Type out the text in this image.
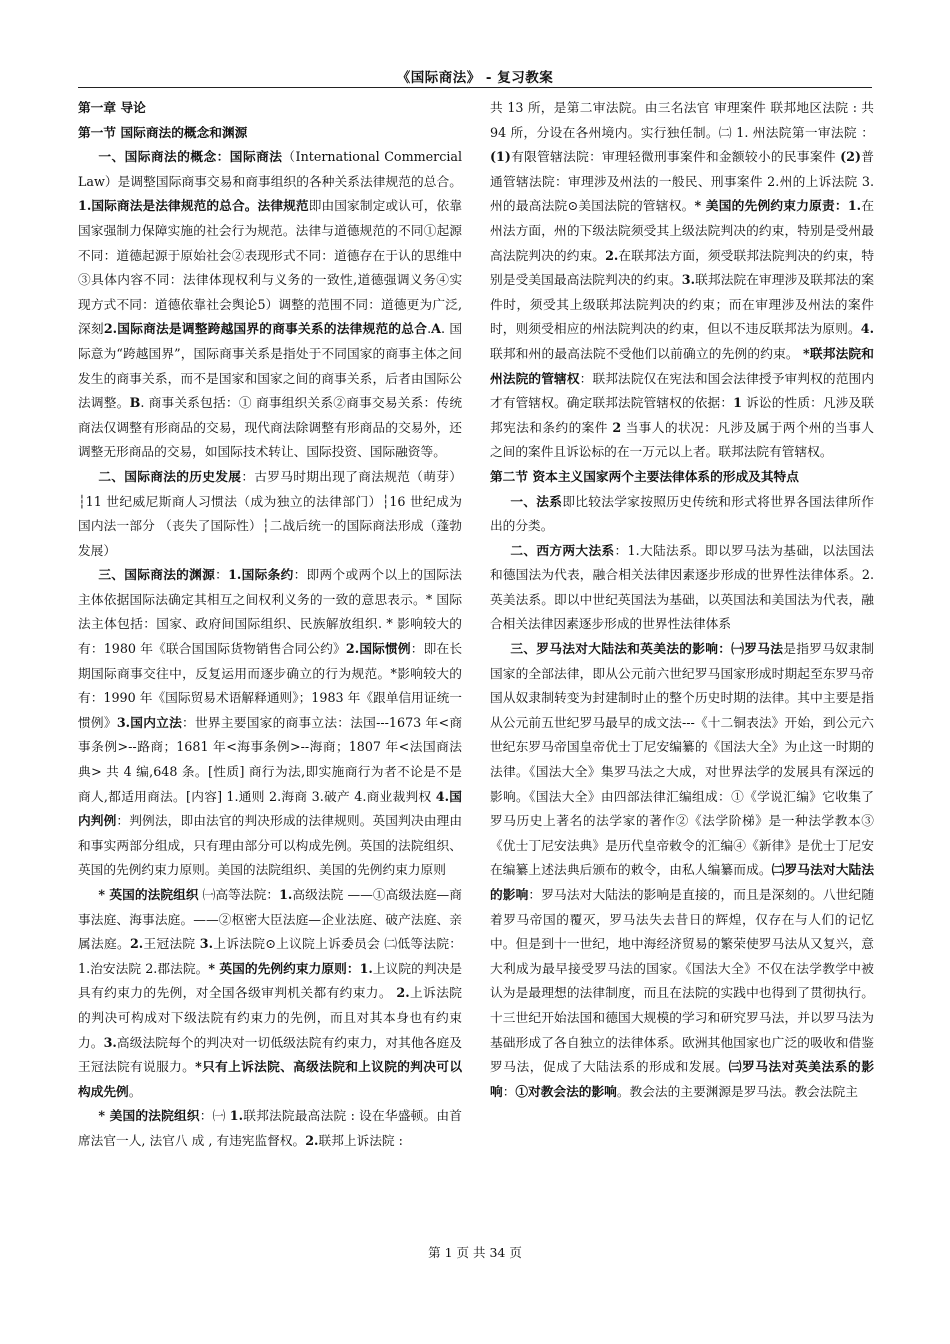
《国际商法》 - 复习教案

第一章 导论

第一节 国际商法的概念和渊源

一、国际商法的概念：国际商法（International Commercial Law）是调整国际商事交易和商事组织的各种关系法律规范的总合。1.国际商法是法律规范的总合。法律规范即由国家制定或认可，依靠国家强制力保障实施的社会行为规范。法律与道德规范的不同①起源不同：道德起源于原始社会②表现形式不同：道德存在于认的思维中③具体内容不同：法律体现权利与义务的一致性,道德强调义务④实现方式不同：道德依靠社会舆论5）调整的范围不同：道德更为广泛,深刻2.国际商法是调整跨越国界的商事关系的法律规范的总合.A. 国际意为“跨越国界”，国际商事关系是指处于不同国家的商事主体之间发生的商事关系，而不是国家和国家之间的商事关系，后者由国际公法调整。B. 商事关系包括：① 商事组织关系②商事交易关系：传统商法仅调整有形商品的交易，现代商法除调整有形商品的交易外，还调整无形商品的交易，如国际技术转让、国际投资、国际融资等。

二、国际商法的历史发展：古罗马时期出现了商法规范（萌芽）┆11 世纪威尼斯商人习惯法（成为独立的法律部门）┆16 世纪成为国内法一部分 （丧失了国际性）┆二战后统一的国际商法形成（蓬勃发展）

三、国际商法的渊源：1.国际条约：即两个或两个以上的国际法主体依据国际法确定其相互之间权利义务的一致的意思表示。* 国际法主体包括：国家、政府间国际组织、民族解放组织. * 影响较大的有：1980 年《联合国国际货物销售合同公约》2.国际惯例：即在长期国际商事交往中，反复运用而逐步确立的行为规范。*影响较大的有：1990 年《国际贸易术语解释通则》；1983 年《跟单信用证统一惯例》3.国内立法：世界主要国家的商事立法：法国---1673 年<商事条例>--路商；1681 年<海事条例>--海商；1807 年<法国商法典> 共 4 编,648 条。[性质] 商行为法,即实施商行为者不论是不是商人,都适用商法。[内容] 1.通则 2.海商 3.破产 4.商业裁判权 4.国内判例：判例法，即由法官的判决形成的法律规则。英国判决由理由和事实两部分组成，只有理由部分可以构成先例。英国的法院组织、英国的先例约束力原则。美国的法院组织、美国的先例约束力原则

* 英国的法院组织 ㈠高等法院：1.高级法院 ——①高级法庭—商事法庭、海事法庭。——②枢密大臣法庭—企业法庭、破产法庭、亲属法庭。2.王冠法院 3.上诉法院⊙上议院上诉委员会 ㈡低等法院：1.治安法院 2.郡法院。* 英国的先例约束力原则：1.上议院的判决是具有约束力的先例，对全国各级审判机关都有约束力。 2.上诉法院的判决可构成对下级法院有约束力的先例，而且对其本身也有约束力。3.高级法院每个的判决对一切低级法院有约束力，对其他各庭及王冠法院有说服力。*只有上诉法院、高级法院和上议院的判决可以构成先例。

* 美国的法院组织：㈠ 1.联邦法院最高法院 : 设在华盛顿。由首席法官一人, 法官八 成 , 有违宪监督权。2.联邦上诉法院 :

共 13 所，是第二审法院。由三名法官 审理案件 联邦地区法院 : 共 94 所，分设在各州境内。实行独任制。㈡ 1. 州法院第一审法院 ：(1)有限管辖法院：审理轻微刑事案件和金额较小的民事案件 (2)普通管辖法院：审理涉及州法的一般民、刑事案件 2.州的上诉法院 3.州的最高法院⊙美国法院的管辖权。* 美国的先例约束力原责：1.在州法方面，州的下级法院须受其上级法院判决的约束，特别是受州最高法院判决的约束。2.在联邦法方面，须受联邦法院判决的约束，特别是受美国最高法院判决的约束。3.联邦法院在审理涉及联邦法的案件时，须受其上级联邦法院判决的约束；而在审理涉及州法的案件时，则须受相应的州法院判决的约束，但以不违反联邦法为原则。4.联邦和州的最高法院不受他们以前确立的先例的约束。 *联邦法院和州法院的管辖权：联邦法院仅在宪法和国会法律授予审判权的范围内才有管辖权。确定联邦法院管辖权的依据：1 诉讼的性质：凡涉及联邦宪法和条约的案件 2 当事人的状况：凡涉及属于两个州的当事人之间的案件且诉讼标的在一万元以上者。联邦法院有管辖权。

第二节 资本主义国家两个主要法律体系的形成及其特点

一、法系即比较法学家按照历史传统和形式将世界各国法律所作出的分类。

二、西方两大法系：1.大陆法系。即以罗马法为基础，以法国法和德国法为代表，融合相关法律因素逐步形成的世界性法律体系。2. 英美法系。即以中世纪英国法为基础，以英国法和美国法为代表，融合相关法律因素逐步形成的世界性法律体系

三、罗马法对大陆法和英美法的影响：㈠罗马法是指罗马奴隶制国家的全部法律，即从公元前六世纪罗马国家形成时期起至东罗马帝国从奴隶制转变为封建制时止的整个历史时期的法律。其中主要是指从公元前五世纪罗马最早的成文法---《十二铜表法》开始，到公元六世纪东罗马帝国皇帝优士丁尼安编纂的《国法大全》为止这一时期的法律。《国法大全》集罗马法之大成，对世界法学的发展具有深远的影响。《国法大全》由四部法律汇编组成：①《学说汇编》它收集了罗马历史上著名的法学家的著作②《法学阶梯》是一种法学教本③《优士丁尼安法典》是历代皇帝敕令的汇编④《新律》是优士丁尼安在编纂上述法典后颁布的敕令，由私人编纂而成。㈡罗马法对大陆法的影响：罗马法对大陆法的影响是直接的，而且是深刻的。八世纪随着罗马帝国的覆灭，罗马法失去昔日的辉煌，仅存在与人们的记忆中。但是到十一世纪，地中海经济贸易的繁荣使罗马法从又复兴，意大利成为最早接受罗马法的国家。《国法大全》不仅在法学教学中被认为是最理想的法律制度，而且在法院的实践中也得到了贯彻执行。十三世纪开始法国和德国大规模的学习和研究罗马法，并以罗马法为基础形成了各自独立的法律体系。欧洲其他国家也广泛的吸收和借鉴罗马法，促成了大陆法系的形成和发展。㈢罗马法对英美法系的影响：①对教会法的影响。教会法的主要渊源是罗马法。教会法院主

第 1 页 共 34 页
